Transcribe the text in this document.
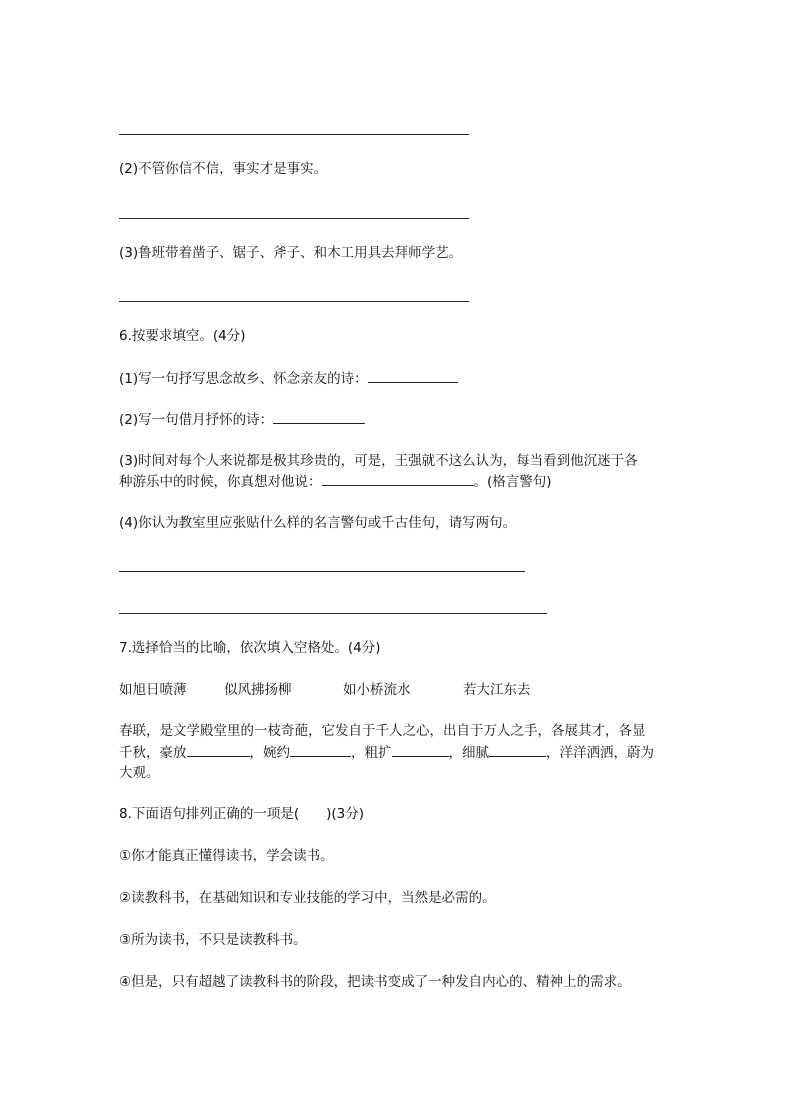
(2)不管你信不信，事实才是事实。
(3)鲁班带着凿子、锯子、斧子、和木工用具去拜师学艺。
6.按要求填空。(4分)
(1)写一句抒写思念故乡、怀念亲友的诗：
(2)写一句借月抒怀的诗：
(3)时间对每个人来说都是极其珍贵的，可是，王强就不这么认为，每当看到他沉迷于各
种游乐中的时候，你真想对他说：	。(格言警句)
(4)你认为教室里应张贴什么样的名言警句或千古佳句，请写两句。
7.选择恰当的比喻，依次填入空格处。(4分)
如旭日喷薄	似风拂扬柳	如小桥流水	若大江东去
春联，是文学殿堂里的一枝奇葩，它发自于千人之心，出自于万人之手，各展其才，各显
千秋，豪放	，婉约	，粗扩	，细腻	，洋洋洒洒，蔚为
大观。
8.下面语句排列正确的一项是(　　)(3分)
①你才能真正懂得读书，学会读书。
②读教科书，在基础知识和专业技能的学习中，当然是必需的。
③所为读书，不只是读教科书。
④但是，只有超越了读教科书的阶段，把读书变成了一种发自内心的、精神上的需求。
